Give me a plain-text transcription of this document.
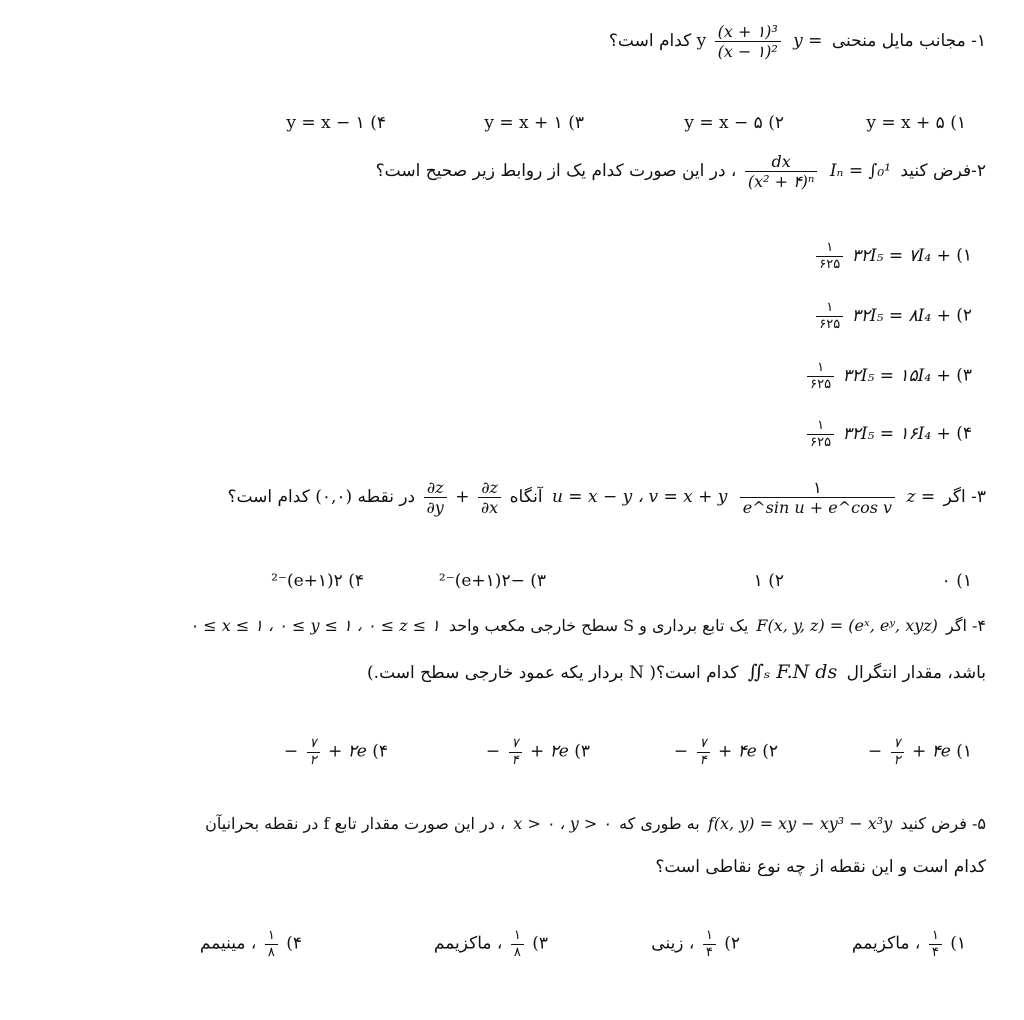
۱- مجانب مایل منحنی y =
$\frac{\text{(x + ۱)³}}{\text{(x − ۱)²}}$
y کدام است؟
۱) y = x + ۵
۲) y = x − ۵
۳) y = x + ۱
۴) y = x − ۱
۲-فرض کنید Iₙ = ∫₀¹
$\frac{dx}{\text{(x² + ۴)ⁿ}}$
، در این صورت کدام یک از روابط زیر صحیح است؟
۱) ۳۲I₅ = ۷I₄ +
$\frac{۱}{۶۲۵}$
۲) ۳۲I₅ = ۸I₄ +
$\frac{۱}{۶۲۵}$
۳) ۳۲I₅ = ۱۵I₄ +
$\frac{۱}{۶۲۵}$
۴) ۳۲I₅ = ۱۶I₄ +
$\frac{۱}{۶۲۵}$
۳- اگر z =
$\frac{۱}{\text{e\textasciicircum{}sin u + e\textasciicircum{}cos v}}$
u = x − y ، v = x + y آنگاه
$\frac{\partial z}{\partial x}$
+
$\frac{\partial z}{\partial y}$
در نقطه (۰,۰) کدام است؟
۱) ۰
۲) ۱
۳) −۲(۱+e)⁻²
۴) ۲(۱+e)⁻²
۴- اگر F(x, y, z) = (eˣ, eʸ, xyz) یک تابع برداری و S سطح خارجی مکعب واحد ۰ ≤ x ≤ ۱ ، ۰ ≤ y ≤ ۱ ، ۰ ≤ z ≤ ۱
باشد، مقدار انتگرال ∬ₛ F.N ds کدام است؟( N بردار یکه عمود خارجی سطح است.)
۱) − $\frac{۷}{۲}$ + ۴e
۲) − $\frac{۷}{۴}$ + ۴e
۳) − $\frac{۷}{۴}$ + ۲e
۴) − $\frac{۷}{۲}$ + ۲e
۵- فرض کنید f(x, y) = xy − xy³ − x³y به طوری که x > ۰ ، y > ۰ ، در این صورت مقدار تابع f در نقطه بحرانیآن
کدام است و این نقطه از چه نوع نقاطی است؟
۱)
$\frac{۱}{۴}$
، ماکزیمم
۲)
$\frac{۱}{۴}$
، زینی
۳)
$\frac{۱}{۸}$
، ماکزیمم
۴)
$\frac{۱}{۸}$
، مینیمم
